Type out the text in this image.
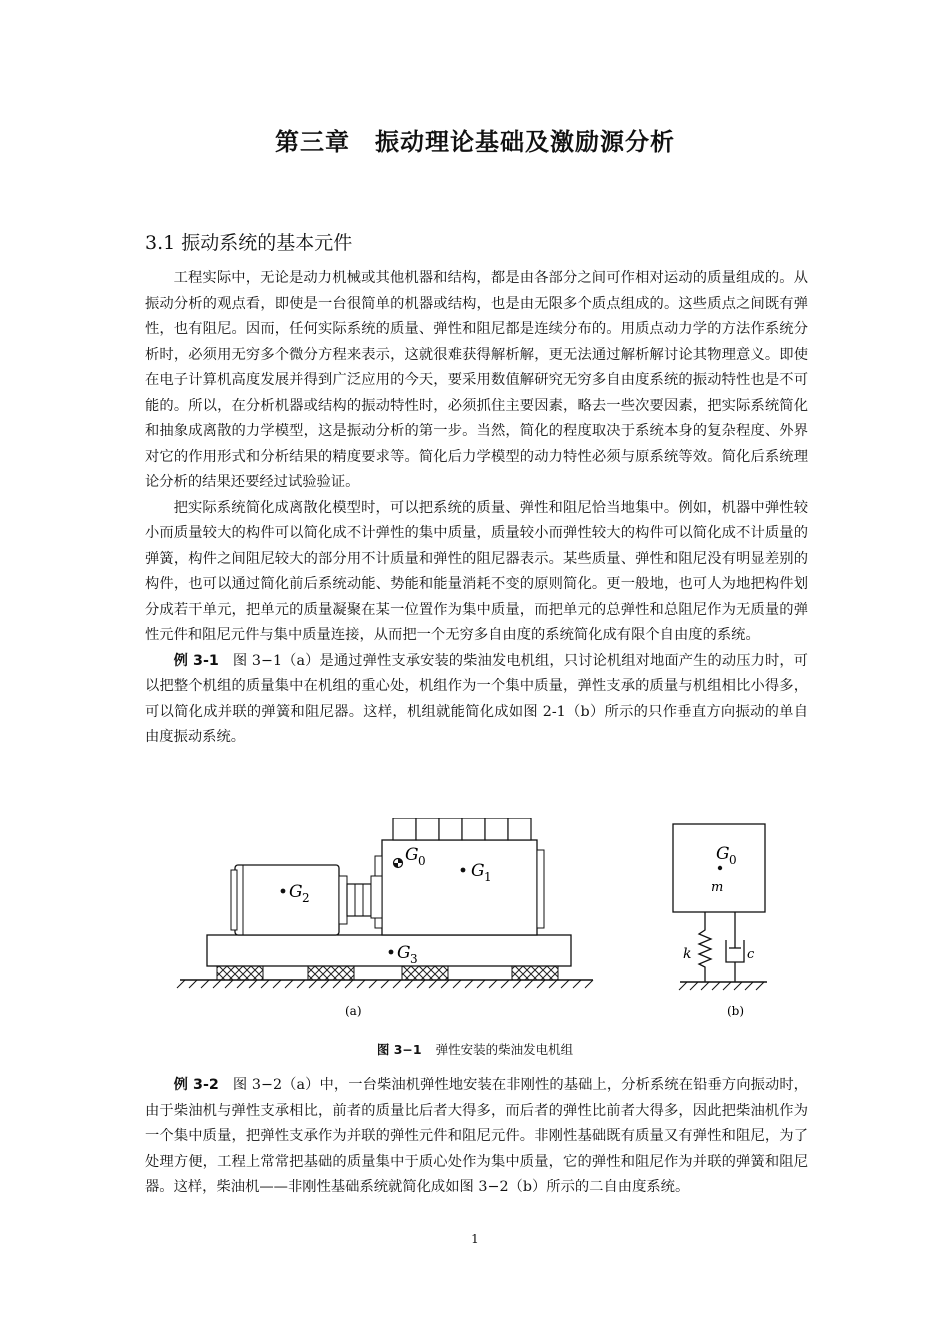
第三章　振动理论基础及激励源分析
3.1 振动系统的基本元件

工程实际中，无论是动力机械或其他机器和结构，都是由各部分之间可作相对运动的质量组成的。从振动分析的观点看，即使是一台很简单的机器或结构，也是由无限多个质点组成的。这些质点之间既有弹性，也有阻尼。因而，任何实际系统的质量、弹性和阻尼都是连续分布的。用质点动力学的方法作系统分析时，必须用无穷多个微分方程来表示，这就很难获得解析解，更无法通过解析解讨论其物理意义。即使在电子计算机高度发展并得到广泛应用的今天，要采用数值解研究无穷多自由度系统的振动特性也是不可能的。所以，在分析机器或结构的振动特性时，必须抓住主要因素，略去一些次要因素，把实际系统简化和抽象成离散的力学模型，这是振动分析的第一步。当然，简化的程度取决于系统本身的复杂程度、外界对它的作用形式和分析结果的精度要求等。简化后力学模型的动力特性必须与原系统等效。简化后系统理论分析的结果还要经过试验验证。

把实际系统简化成离散化模型时，可以把系统的质量、弹性和阻尼恰当地集中。例如，机器中弹性较小而质量较大的构件可以简化成不计弹性的集中质量，质量较小而弹性较大的构件可以简化成不计质量的弹簧，构件之间阻尼较大的部分用不计质量和弹性的阻尼器表示。某些质量、弹性和阻尼没有明显差别的构件，也可以通过简化前后系统动能、势能和能量消耗不变的原则简化。更一般地，也可人为地把构件划分成若干单元，把单元的质量凝聚在某一位置作为集中质量，而把单元的总弹性和总阻尼作为无质量的弹性元件和阻尼元件与集中质量连接，从而把一个无穷多自由度的系统简化成有限个自由度的系统。

例 3-1 图 3−1（a）是通过弹性支承安装的柴油发电机组，只讨论机组对地面产生的动压力时，可以把整个机组的质量集中在机组的重心处，机组作为一个集中质量，弹性支承的质量与机组相比小得多，可以简化成并联的弹簧和阻尼器。这样，机组就能简化成如图 2-1（b）所示的只作垂直方向振动的单自由度振动系统。

G 0	G 1
G 2
G 3
(a)
G 0
m
k	c
(b)
图 3−1 弹性安装的柴油发电机组

例 3-2 图 3−2（a）中，一台柴油机弹性地安装在非刚性的基础上，分析系统在铅垂方向振动时，由于柴油机与弹性支承相比，前者的质量比后者大得多，而后者的弹性比前者大得多，因此把柴油机作为一个集中质量，把弹性支承作为并联的弹性元件和阻尼元件。非刚性基础既有质量又有弹性和阻尼，为了处理方便，工程上常常把基础的质量集中于质心处作为集中质量，它的弹性和阻尼作为并联的弹簧和阻尼器。这样，柴油机——非刚性基础系统就简化成如图 3−2（b）所示的二自由度系统。

1
